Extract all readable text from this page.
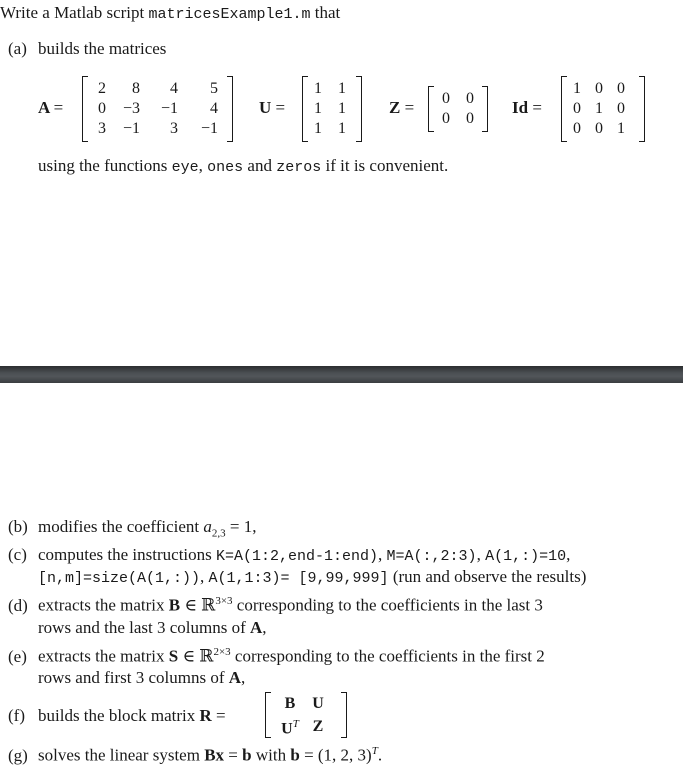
Write a Matlab script matricesExample1.m that
(a) builds the matrices
A =
2	8	4	5
0	−3	−1	4
3	−1	3	−1
U =
1	1
1	1
1	1
Z = 0	0
0	0
Id =
1	0	0
0	1	0
0	0	1
using the functions eye, ones and zeros if it is convenient.
(b) modifies the coefficient $a_{2,3} = 1$,
(c) computes the instructions K=A(1:2,end-1:end), M=A(:,2:3), A(1,:)=10,
[n,m]=size(A(1,:)), A(1,1:3)= [9,99,999] (run and observe the results)
(d) extracts the matrix B ∈ ℝ$^{3\times 3}$ corresponding to the coefficients in the last 3
rows and the last 3 columns of A,
(e) extracts the matrix S ∈ ℝ$^{2\times 3}$ corresponding to the coefficients in the first 2
rows and first 3 columns of A,
(f) builds the block matrix R =
B	U
$U^T$	Z
(g) solves the linear system Bx = b with b = (1, 2, 3)$^T$.
